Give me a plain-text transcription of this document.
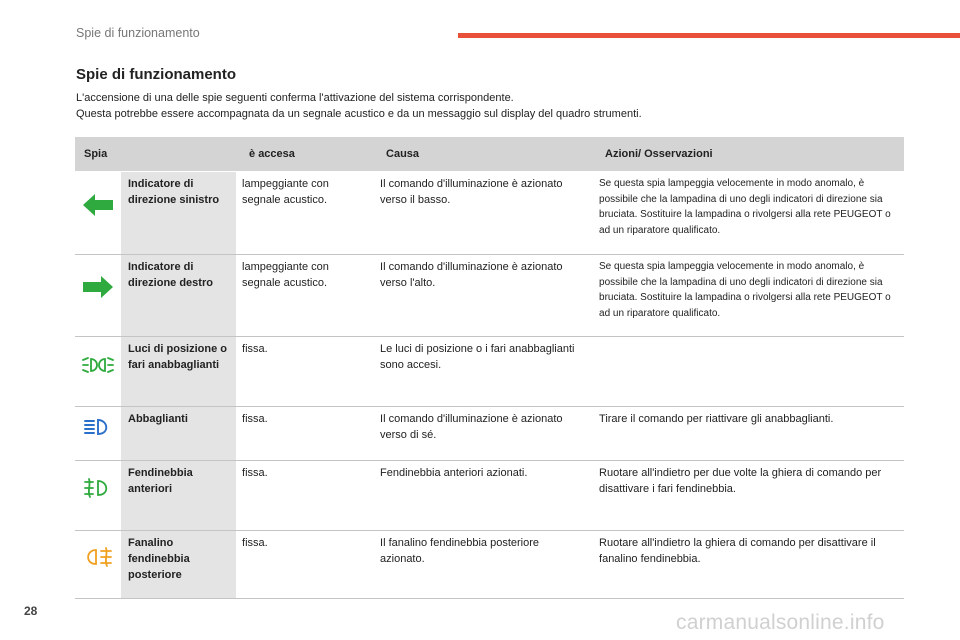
Spie di funzionamento
Spie di funzionamento
L'accensione di una delle spie seguenti conferma l'attivazione del sistema corrispondente.
Questa potrebbe essere accompagnata da un segnale acustico e da un messaggio sul display del quadro strumenti.
Spia		è accesa	Causa	Azioni/ Osservazioni
	Indicatore di direzione sinistro	lampeggiante con segnale acustico.	Il comando d'illuminazione è azionato verso il basso.	Se questa spia lampeggia velocemente in modo anomalo, è possibile che la lampadina di uno degli indicatori di direzione sia bruciata. Sostituire la lampadina o rivolgersi alla rete PEUGEOT o ad un riparatore qualificato.
	Indicatore di direzione destro	lampeggiante con segnale acustico.	Il comando d'illuminazione è azionato verso l'alto.	Se questa spia lampeggia velocemente in modo anomalo, è possibile che la lampadina di uno degli indicatori di direzione sia bruciata. Sostituire la lampadina o rivolgersi alla rete PEUGEOT o ad un riparatore qualificato.
	Luci di posizione o fari anabbaglianti	fissa.	Le luci di posizione o i fari anabbaglianti sono accesi.	
	Abbaglianti	fissa.	Il comando d'illuminazione è azionato verso di sé.	Tirare il comando per riattivare gli anabbaglianti.
	Fendinebbia anteriori	fissa.	Fendinebbia anteriori azionati.	Ruotare all'indietro per due volte la ghiera di comando per disattivare i fari fendinebbia.
	Fanalino fendinebbia posteriore	fissa.	Il fanalino fendinebbia posteriore azionato.	Ruotare all'indietro la ghiera di comando per disattivare il fanalino fendinebbia.
28	carmanualsonline.info
